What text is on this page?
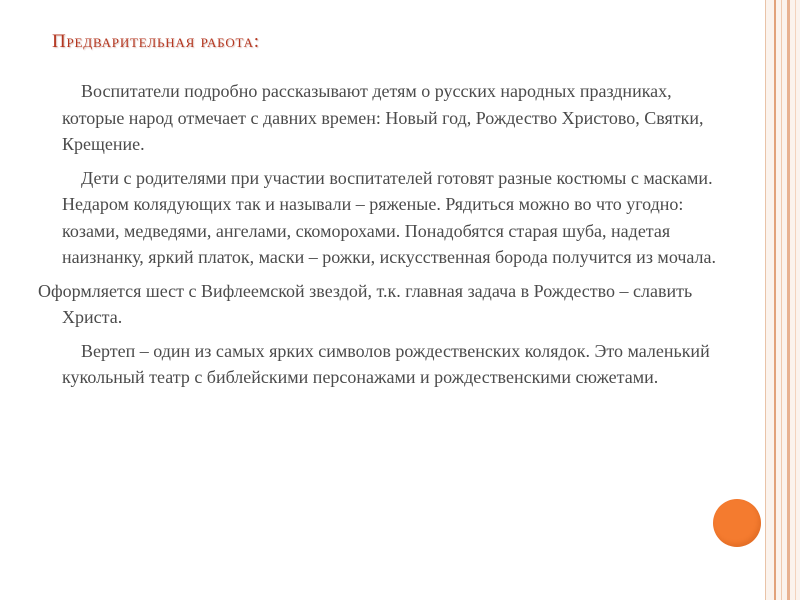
Предварительная работа:

Воспитатели подробно рассказывают детям о русских народных праздниках, которые народ отмечает с давних времен: Новый год, Рождество Христово, Святки, Крещение.

Дети с родителями при участии воспитателей готовят разные костюмы с масками. Недаром колядующих так и называли – ряженые. Рядиться можно во что угодно: козами, медведями, ангелами, скоморохами. Понадобятся старая шуба, надетая наизнанку, яркий платок, маски – рожки, искусственная борода получится из мочала.

Оформляется шест с Вифлеемской звездой, т.к. главная задача в Рождество – славить Христа.

Вертеп – один из самых ярких символов рождественских колядок. Это маленький кукольный театр с библейскими персонажами и рождественскими сюжетами.
